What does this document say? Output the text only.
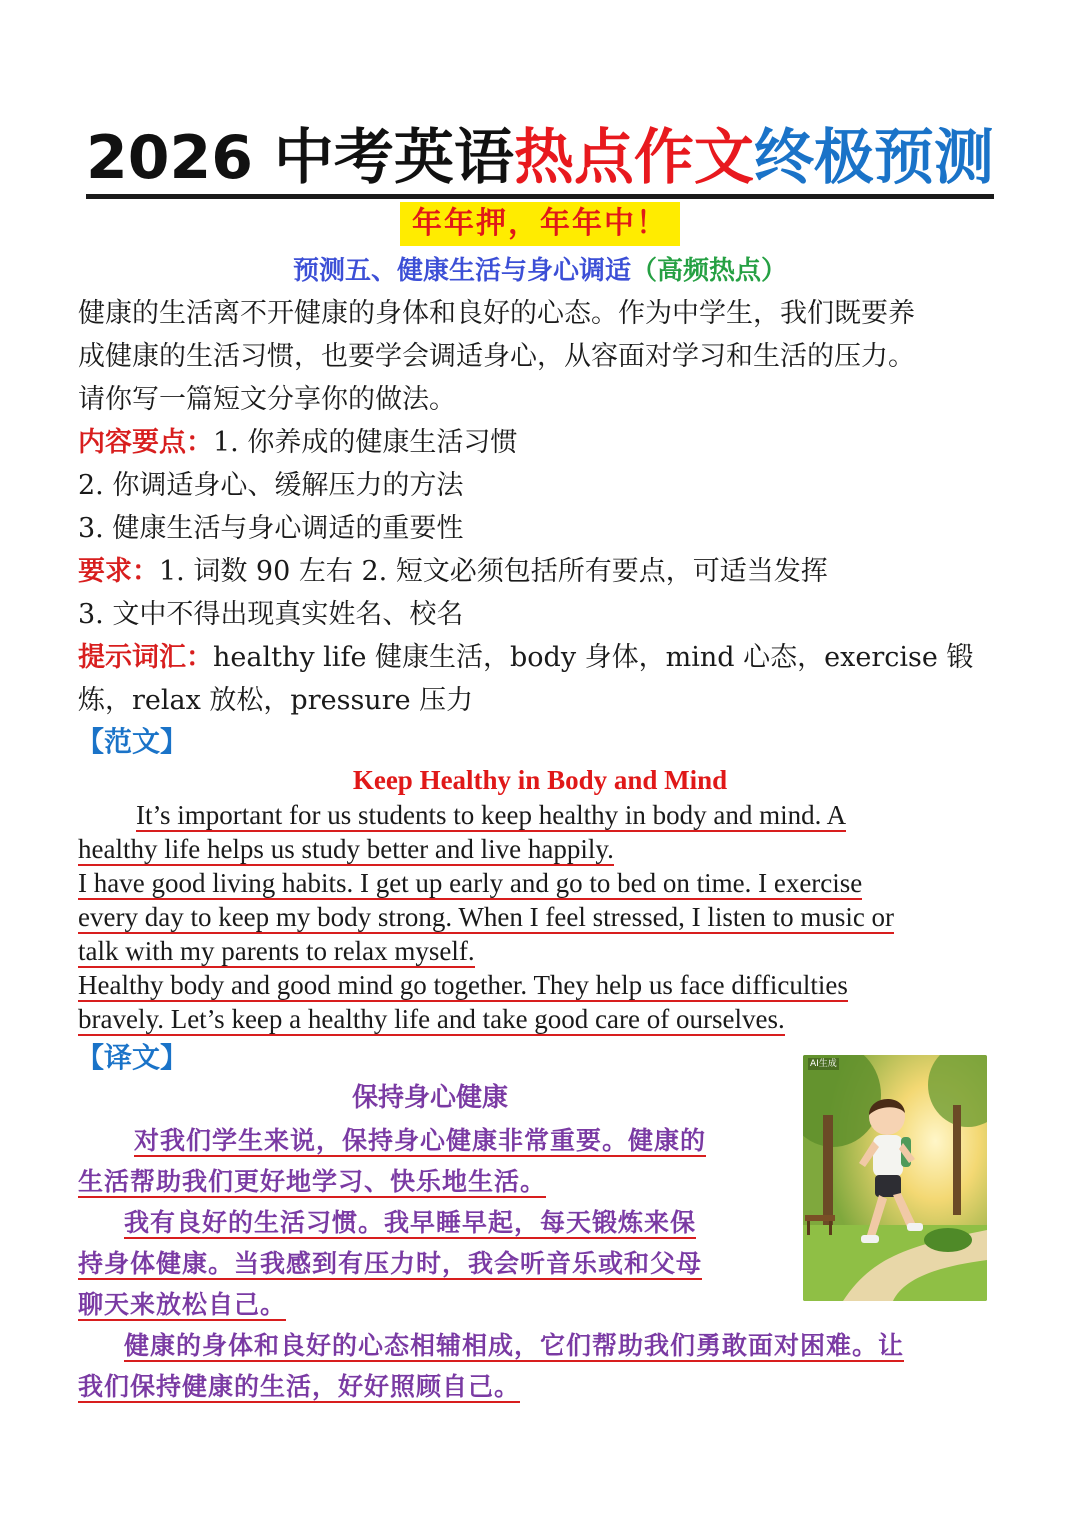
2026 中考英语热点作文终极预测
年年押，年年中！
预测五、健康生活与身心调适（高频热点）

健康的生活离不开健康的身体和良好的心态。作为中学生，我们既要养

成健康的生活习惯，也要学会调适身心，从容面对学习和生活的压力。

请你写一篇短文分享你的做法。

内容要点：1. 你养成的健康生活习惯

2. 你调适身心、缓解压力的方法

3. 健康生活与身心调适的重要性

要求：1. 词数 90 左右 2. 短文必须包括所有要点，可适当发挥

3. 文中不得出现真实姓名、校名

提示词汇：healthy life 健康生活，body 身体，mind 心态，exercise 锻

炼，relax 放松，pressure 压力

【范文】
Keep Healthy in Body and Mind

It’s important for us students to keep healthy in body and mind. A

healthy life helps us study better and live happily.

I have good living habits. I get up early and go to bed on time. I exercise

every day to keep my body strong. When I feel stressed, I listen to music or

talk with my parents to relax myself.

Healthy body and good mind go together. They help us face difficulties

bravely. Let’s keep a healthy life and take good care of ourselves.

【译文】
保持身心健康

对我们学生来说，保持身心健康非常重要。健康的

生活帮助我们更好地学习、快乐地生活。

我有良好的生活习惯。我早睡早起，每天锻炼来保

持身体健康。当我感到有压力时，我会听音乐或和父母

聊天来放松自己。

健康的身体和良好的心态相辅相成，它们帮助我们勇敢面对困难。让

我们保持健康的生活，好好照顾自己。

AI生成
